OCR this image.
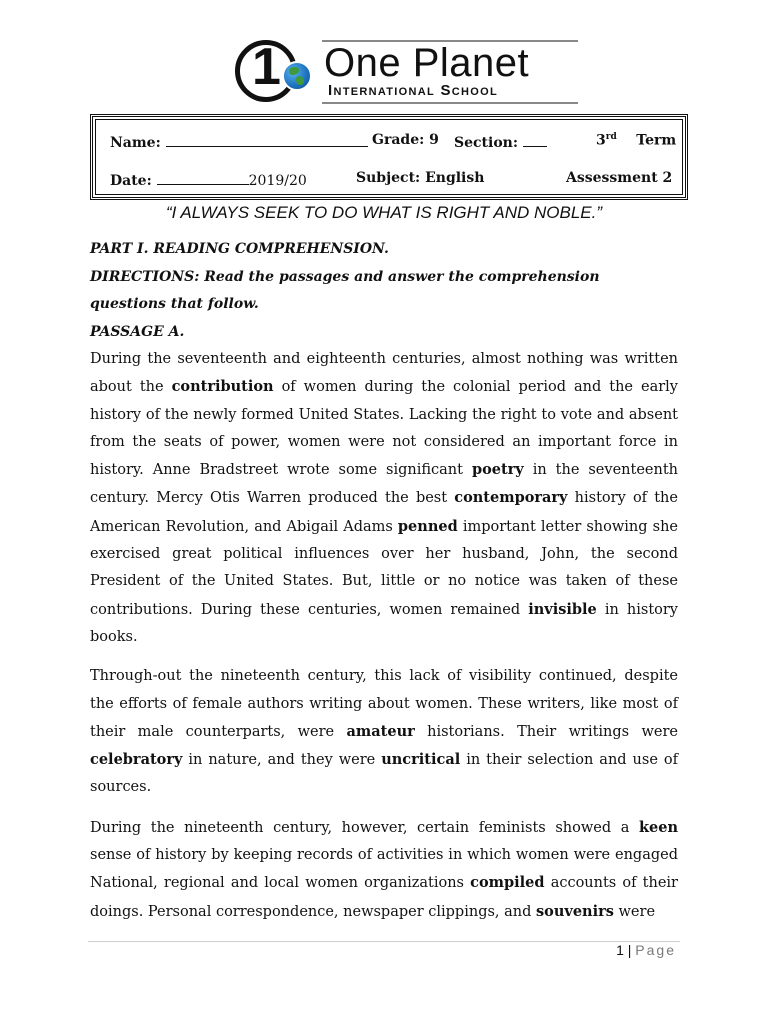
1 One Planet
International School
Name:	Grade: 9 Section:	3rd Term
Date:	2019/20	Subject: English	Assessment 2
“I ALWAYS SEEK TO DO WHAT IS RIGHT AND NOBLE.”

PART I. READING COMPREHENSION.

DIRECTIONS: Read the passages and answer the comprehension

questions that follow.

PASSAGE A.

During the seventeenth and eighteenth centuries, almost nothing was written about the contribution of women during the colonial period and the early history of the newly formed United States. Lacking the right to vote and absent from the seats of power, women were not considered an important force in history. Anne Bradstreet wrote some significant poetry in the seventeenth century. Mercy Otis Warren produced the best contemporary history of the American Revolution, and Abigail Adams penned important letter showing she exercised great political influences over her husband, John, the second President of the United States. But, little or no notice was taken of these contributions. During these centuries, women remained invisible in history books.

Through-out the nineteenth century, this lack of visibility continued, despite the efforts of female authors writing about women. These writers, like most of their male counterparts, were amateur historians. Their writings were celebratory in nature, and they were uncritical in their selection and use of sources.

During the nineteenth century, however, certain feminists showed a keen sense of history by keeping records of activities in which women were engaged National, regional and local women organizations compiled accounts of their doings. Personal correspondence, newspaper clippings, and souvenirs were

1 | Page
